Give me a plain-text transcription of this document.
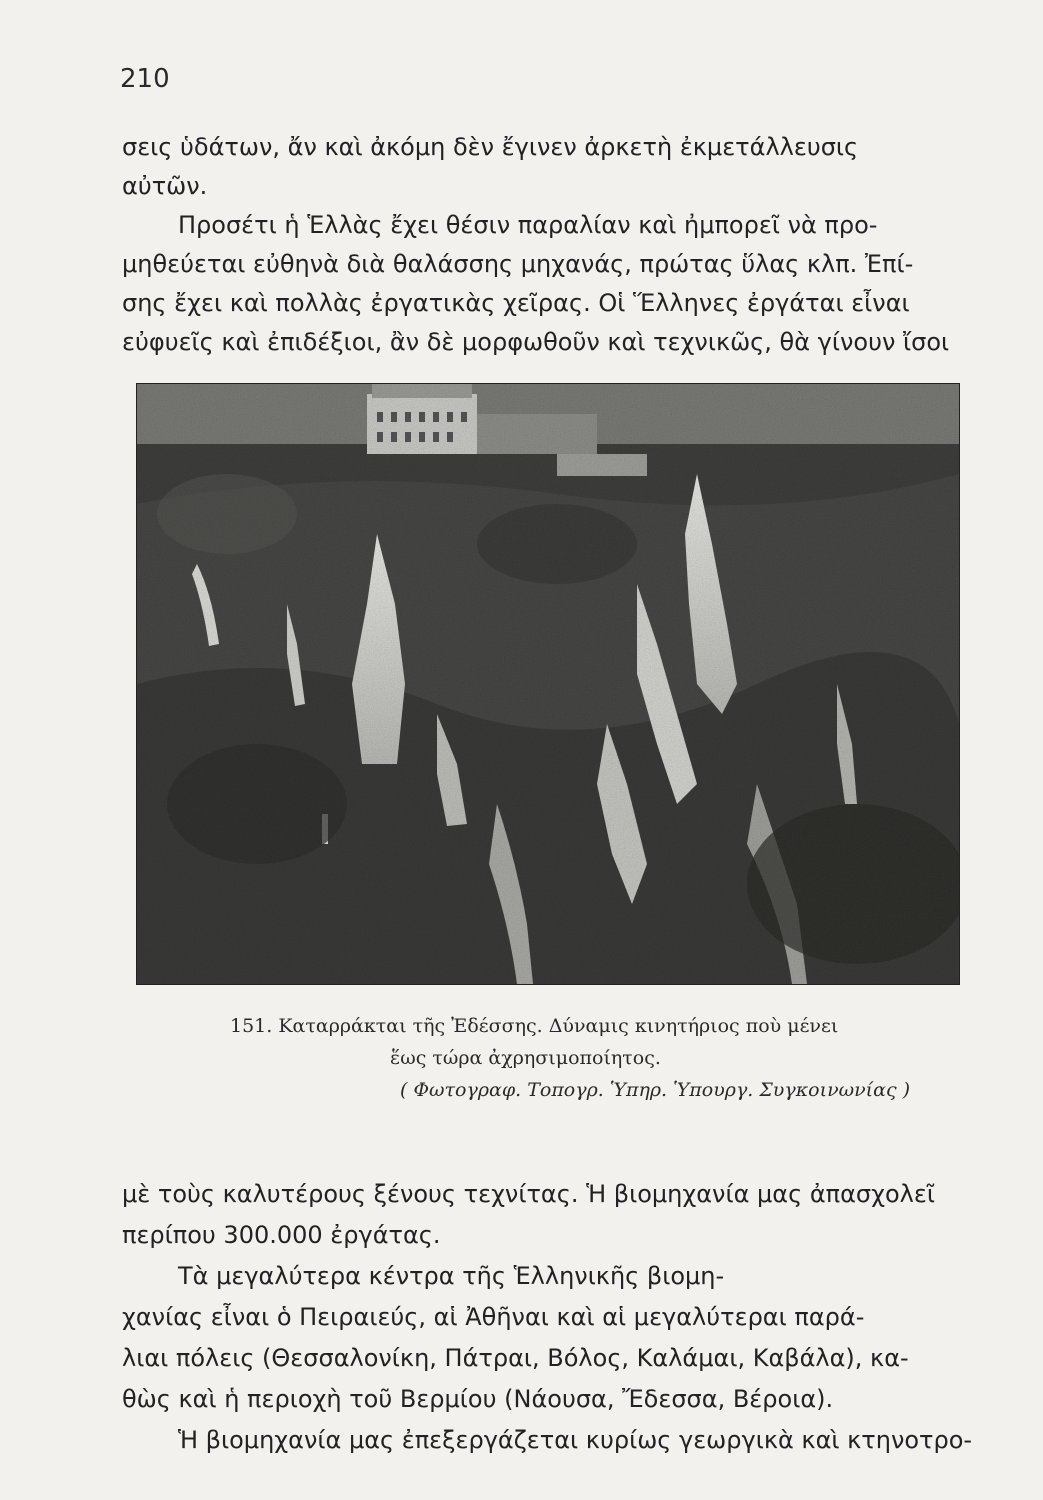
210
σεις ὑδάτων, ἄν καὶ ἀκόμη δὲν ἔγινεν ἀρκετὴ ἐκμετάλλευσις
αὐτῶν.
Προσέτι ἡ Ἑλλὰς ἔχει θέσιν παραλίαν καὶ ἠμπορεῖ νὰ προ-
μηθεύεται εὐθηνὰ διὰ θαλάσσης μηχανάς, πρώτας ὕλας κλπ. Ἐπί-
σης ἔχει καὶ πολλὰς ἐργατικὰς χεῖρας. Οἱ Ἕλληνες ἐργάται εἶναι
εὐφυεῖς καὶ ἐπιδέξιοι, ἂν δὲ μορφωθοῦν καὶ τεχνικῶς, θὰ γίνουν ἴσοι
151. Καταρράκται τῆς Ἐδέσσης. Δύναμις κινητήριος ποὺ μένει
ἕως τώρα ἀχρησιμοποίητος.
( Φωτογραφ. Τοπογρ. Ὑπηρ. Ὑπουργ. Συγκοινωνίας )
μὲ τοὺς καλυτέρους ξένους τεχνίτας. Ἡ βιομηχανία μας ἀπασχολεῖ
περίπου 300.000 ἐργάτας.
Τὰ μεγαλύτερα κέντρα τῆς Ἑλληνικῆς βιομη-
χανίας εἶναι ὁ Πειραιεύς, αἱ Ἀθῆναι καὶ αἱ μεγαλύτεραι παρά-
λιαι πόλεις (Θεσσαλονίκη, Πάτραι, Βόλος, Καλάμαι, Καβάλα), κα-
θὼς καὶ ἡ περιοχὴ τοῦ Βερμίου (Νάουσα, Ἔδεσσα, Βέροια).
Ἡ βιομηχανία μας ἐπεξεργάζεται κυρίως γεωργικὰ καὶ κτηνοτρο-
